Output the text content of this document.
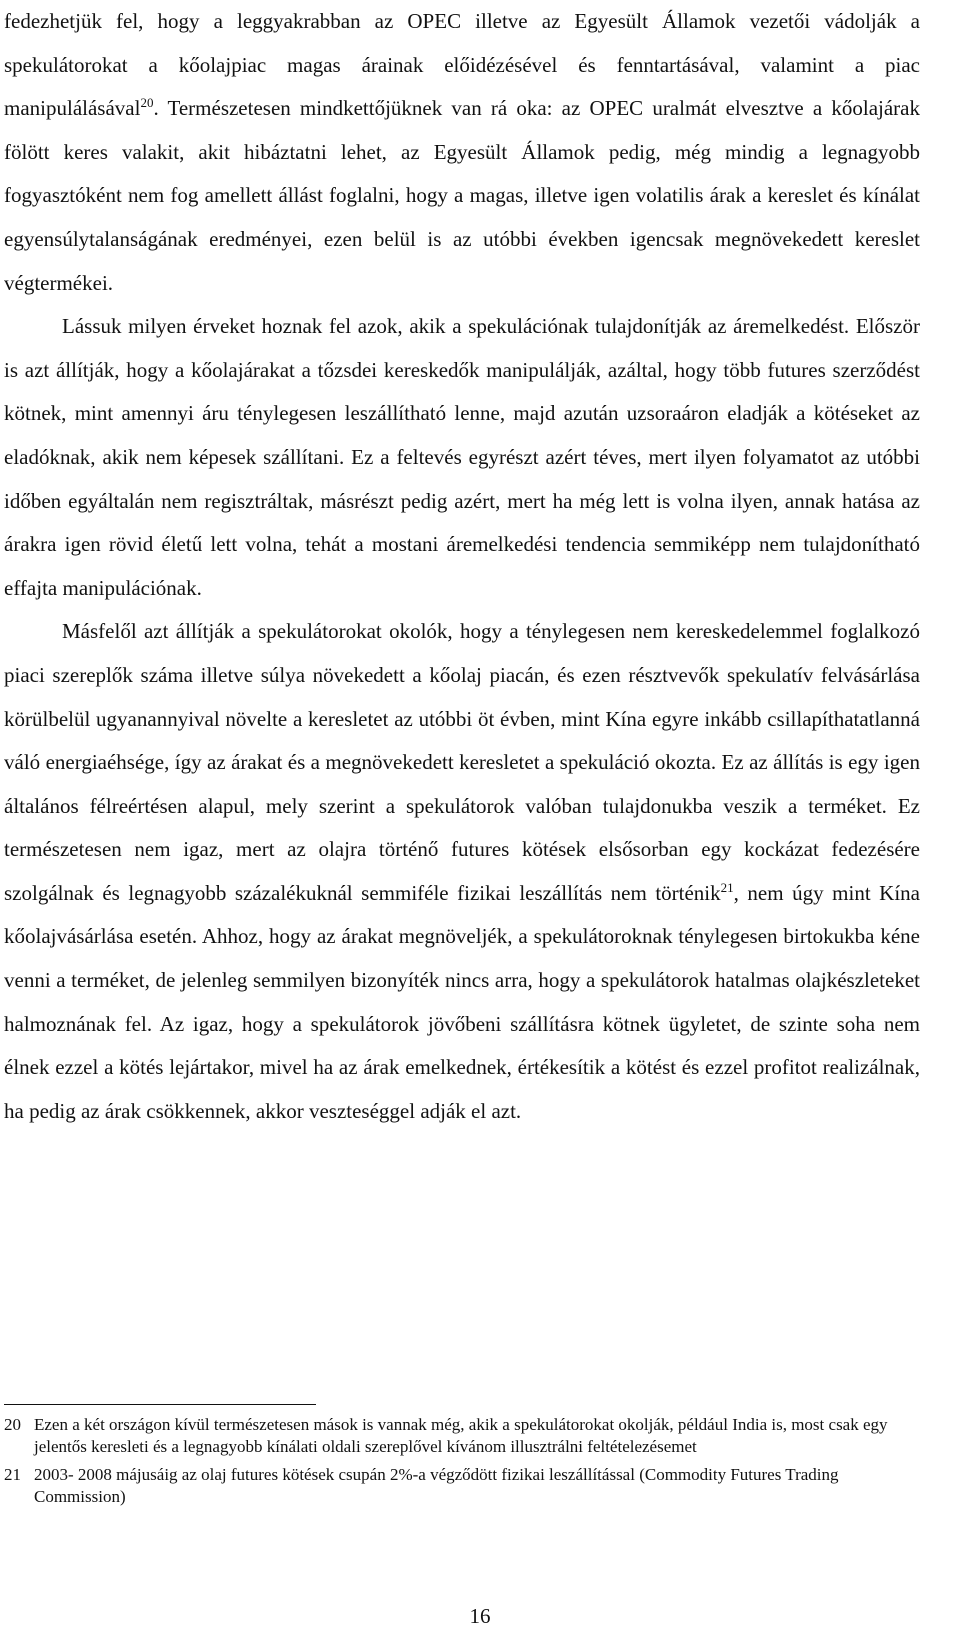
fedezhetjük fel, hogy a leggyakrabban az OPEC illetve az Egyesült Államok vezetői vádolják a spekulátorokat a kőolajpiac magas árainak előidézésével és fenntartásával, valamint a piac manipulálásával$^{20}$. Természetesen mindkettőjüknek van rá oka: az OPEC uralmát elvesztve a kőolajárak fölött keres valakit, akit hibáztatni lehet, az Egyesült Államok pedig, még mindig a legnagyobb fogyasztóként nem fog amellett állást foglalni, hogy a magas, illetve igen volatilis árak a kereslet és kínálat egyensúlytalanságának eredményei, ezen belül is az utóbbi években igencsak megnövekedett kereslet végtermékei.

Lássuk milyen érveket hoznak fel azok, akik a spekulációnak tulajdonítják az áremelkedést. Először is azt állítják, hogy a kőolajárakat a tőzsdei kereskedők manipulálják, azáltal, hogy több futures szerződést kötnek, mint amennyi áru ténylegesen leszállítható lenne, majd azután uzsoraáron eladják a kötéseket az eladóknak, akik nem képesek szállítani. Ez a feltevés egyrészt azért téves, mert ilyen folyamatot az utóbbi időben egyáltalán nem regisztráltak, másrészt pedig azért, mert ha még lett is volna ilyen, annak hatása az árakra igen rövid életű lett volna, tehát a mostani áremelkedési tendencia semmiképp nem tulajdonítható effajta manipulációnak.

Másfelől azt állítják a spekulátorokat okolók, hogy a ténylegesen nem kereskedelemmel foglalkozó piaci szereplők száma illetve súlya növekedett a kőolaj piacán, és ezen résztvevők spekulatív felvásárlása körülbelül ugyanannyival növelte a keresletet az utóbbi öt évben, mint Kína egyre inkább csillapíthatatlanná váló energiaéhsége, így az árakat és a megnövekedett keresletet a spekuláció okozta. Ez az állítás is egy igen általános félreértésen alapul, mely szerint a spekulátorok valóban tulajdonukba veszik a terméket. Ez természetesen nem igaz, mert az olajra történő futures kötések elsősorban egy kockázat fedezésére szolgálnak és legnagyobb százalékuknál semmiféle fizikai leszállítás nem történik$^{21}$, nem úgy mint Kína kőolajvásárlása esetén. Ahhoz, hogy az árakat megnöveljék, a spekulátoroknak ténylegesen birtokukba kéne venni a terméket, de jelenleg semmilyen bizonyíték nincs arra, hogy a spekulátorok hatalmas olajkészleteket halmoznának fel. Az igaz, hogy a spekulátorok jövőbeni szállításra kötnek ügyletet, de szinte soha nem élnek ezzel a kötés lejártakor, mivel ha az árak emelkednek, értékesítik a kötést és ezzel profitot realizálnak, ha pedig az árak csökkennek, akkor veszteséggel adják el azt.

20 Ezen a két országon kívül természetesen mások is vannak még, akik a spekulátorokat okolják, például India is, most csak egy jelentős keresleti és a legnagyobb kínálati oldali szereplővel kívánom illusztrálni feltételezésemet
21 2003- 2008 májusáig az olaj futures kötések csupán 2%-a végződött fizikai leszállítással (Commodity Futures Trading Commission)
16
